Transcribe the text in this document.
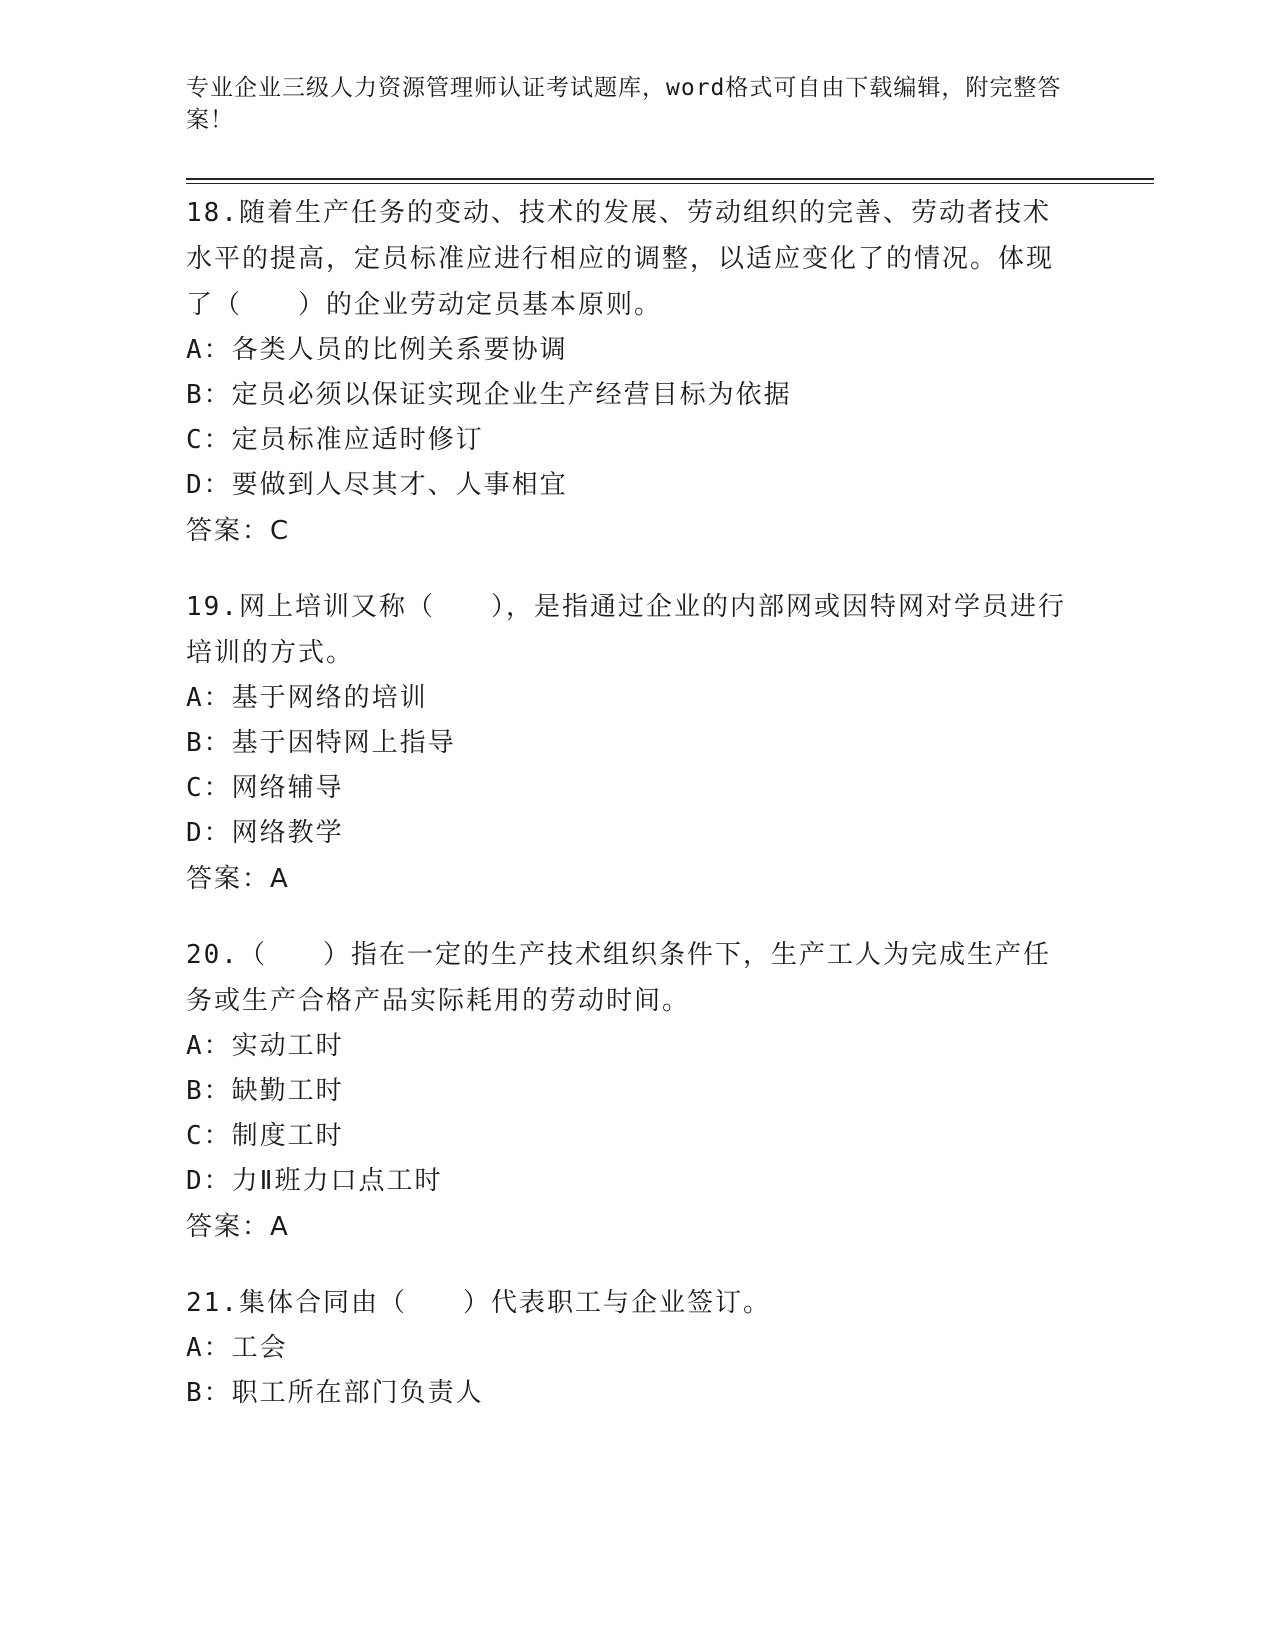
专业企业三级人力资源管理师认证考试题库，word格式可自由下载编辑，附完整答案！

18.随着生产任务的变动、技术的发展、劳动组织的完善、劳动者技术水平的提高，定员标准应进行相应的调整，以适应变化了的情况。体现了（　　）的企业劳动定员基本原则。

A：各类人员的比例关系要协调

B：定员必须以保证实现企业生产经营目标为依据

C：定员标准应适时修订

D：要做到人尽其才、人事相宜

答案：C

19.网上培训又称（　　），是指通过企业的内部网或因特网对学员进行培训的方式。

A：基于网络的培训

B：基于因特网上指导

C：网络辅导

D：网络教学

答案：A

20.（　　）指在一定的生产技术组织条件下，生产工人为完成生产任务或生产合格产品实际耗用的劳动时间。

A：实动工时

B：缺勤工时

C：制度工时

D：力Ⅱ班力口点工时

答案：A

21.集体合同由（　　）代表职工与企业签订。

A：工会

B：职工所在部门负责人
